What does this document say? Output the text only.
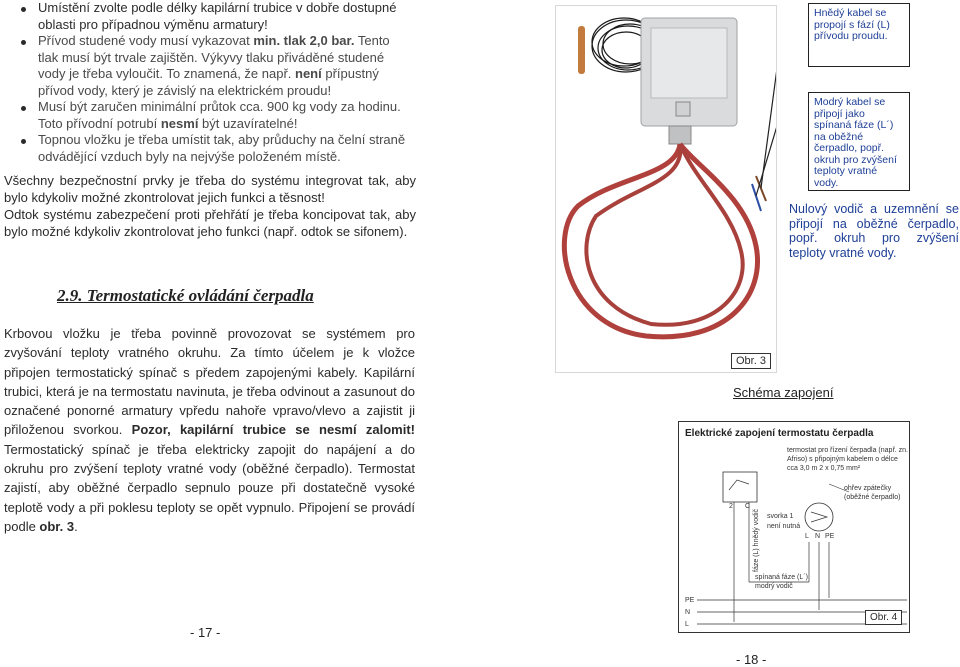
Umístění zvolte podle délky kapilární trubice v dobře dostupné oblasti pro případnou výměnu armatury!
Přívod studené vody musí vykazovat min. tlak 2,0 bar. Tento tlak musí být trvale zajištěn. Výkyvy tlaku přiváděné studené vody je třeba vyloučit. To znamená, že např. není přípustný přívod vody, který je závislý na elektrickém proudu!
Musí být zaručen minimální průtok cca. 900 kg vody za hodinu. Toto přívodní potrubí nesmí být uzavíratelné!
Topnou vložku je třeba umístit tak, aby průduchy na čelní straně odvádějící vzduch byly na nejvýše položeném místě.
Všechny bezpečnostní prvky je třeba do systému integrovat tak, aby bylo kdykoliv možné zkontrolovat jejich funkci a těsnost!
Odtok systému zabezpečení proti přehřátí je třeba koncipovat tak, aby bylo možné kdykoliv zkontrolovat jeho funkci (např. odtok se sifonem).
2.9. Termostatické ovládání čerpadla
Krbovou vložku je třeba povinně provozovat se systémem pro zvyšování teploty vratného okruhu. Za tímto účelem je k vložce připojen termostatický spínač s předem zapojenými kabely. Kapilární trubici, která je na termostatu navinuta, je třeba odvinout a zasunout do označené ponorné armatury vpředu nahoře vpravo/vlevo a zajistit ji přiloženou svorkou. Pozor, kapilární trubice se nesmí zalomit! Termostatický spínač je třeba elektricky zapojit do napájení a do okruhu pro zvýšení teploty vratné vody (oběžné čerpadlo). Termostat zajistí, aby oběžné čerpadlo sepnulo pouze při dostatečně vysoké teplotě vody a při poklesu teploty se opět vypnulo. Připojení se provádí podle obr. 3.
- 17 -
Hnědý kabel se propojí s fází (L) přívodu proudu.
Modrý kabel se připojí jako spínaná fáze (L´) na oběžné čerpadlo, popř. okruh pro zvýšení teploty vratné vody.
Nulový vodič a uzemnění se připojí na oběžné čerpadlo, popř. okruh pro zvýšení teploty vratné vody.
Obr. 3
Schéma zapojení
Elektrické zapojení termostatu čerpadla
termostat pro řízení čerpadla (např. zn. Afriso) s připojným kabelem o délce cca 3,0 m 2 x 0,75 mm²
ohřev zpátečky (oběžné čerpadlo)
svorka 1
není nutná
fáze (L) hnědý vodič
spínaná fáze (L´) modrý vodič
2 C
L N PE
PE
N
L
Obr. 4
- 18 -
